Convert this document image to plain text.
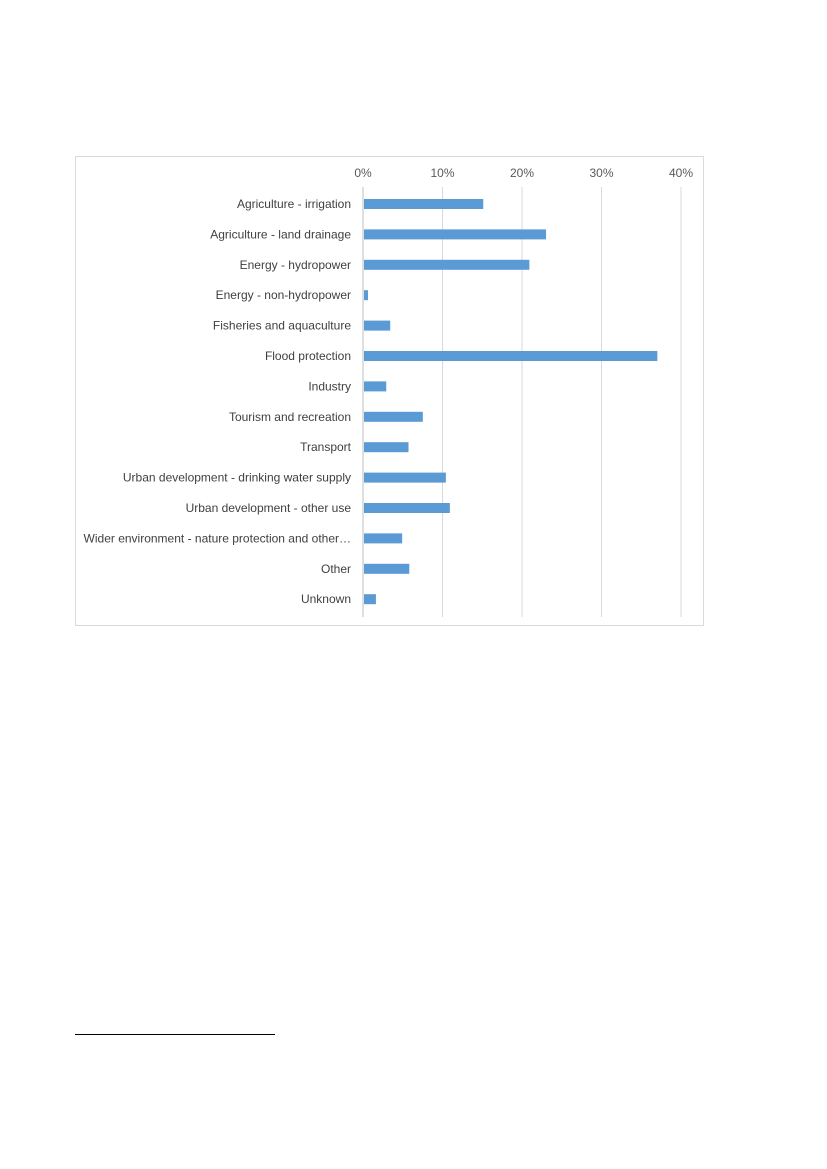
0%	10%	20%	30%	40%
Agriculture - irrigation
Agriculture - land drainage
Energy - hydropower
Energy - non-hydropower
Fisheries and aquaculture
Flood protection
Industry
Tourism and recreation
Transport
Urban development - drinking water supply
Urban development - other use
Wider environment - nature protection and other…
Other
Unknown
